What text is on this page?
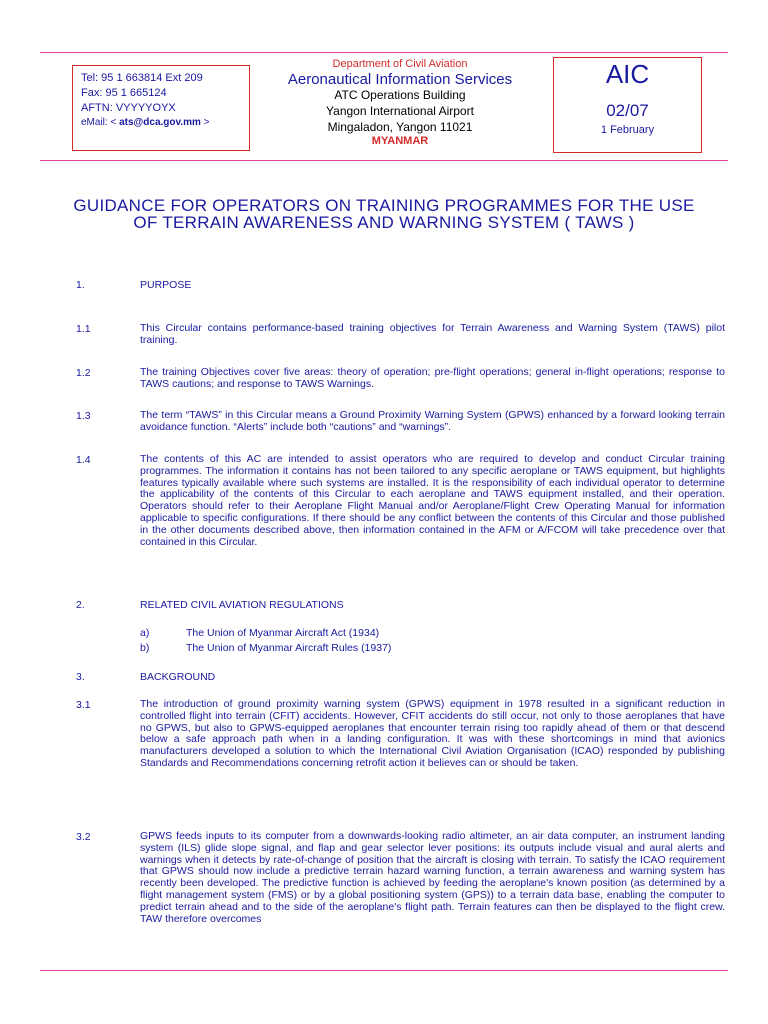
Tel: 95 1 663814 Ext 209
Fax: 95 1 665124
AFTN: VYYYYOYX
eMail: < ats@dca.gov.mm >
Department of Civil Aviation
Aeronautical Information Services
ATC Operations Building
Yangon International Airport
Mingaladon, Yangon 11021
MYANMAR
AIC
02/07
1 February
GUIDANCE FOR OPERATORS ON TRAINING PROGRAMMES FOR THE USE
OF TERRAIN AWARENESS AND WARNING SYSTEM ( TAWS )
1.	PURPOSE
1.1	This Circular contains performance-based training objectives for Terrain Awareness and Warning System (TAWS) pilot training.
1.2	The training Objectives cover five areas: theory of operation; pre-flight operations; general in-flight operations; response to TAWS cautions; and response to TAWS Warnings.
1.3	The term “TAWS” in this Circular means a Ground Proximity Warning System (GPWS) enhanced by a forward looking terrain avoidance function. “Alerts” include both “cautions” and “warnings”.
1.4	The contents of this AC are intended to assist operators who are required to develop and conduct Circular training programmes. The information it contains has not been tailored to any specific aeroplane or TAWS equipment, but highlights features typically available where such systems are installed. It is the responsibility of each individual operator to determine the applicability of the contents of this Circular to each aeroplane and TAWS equipment installed, and their operation. Operators should refer to their Aeroplane Flight Manual and/or Aeroplane/Flight Crew Operating Manual for information applicable to specific configurations. If there should be any conflict between the contents of this Circular and those published in the other documents described above, then information contained in the AFM or A/FCOM will take precedence over that contained in this Circular.
2.	RELATED CIVIL AVIATION REGULATIONS
a)	The Union of Myanmar Aircraft Act (1934)
b)	The Union of Myanmar Aircraft Rules (1937)
3.	BACKGROUND
3.1	The introduction of ground proximity warning system (GPWS) equipment in 1978 resulted in a significant reduction in controlled flight into terrain (CFIT) accidents. However, CFIT accidents do still occur, not only to those aeroplanes that have no GPWS, but also to GPWS-equipped aeroplanes that encounter terrain rising too rapidly ahead of them or that descend below a safe approach path when in a landing configuration. It was with these shortcomings in mind that avionics manufacturers developed a solution to which the International Civil Aviation Organisation (ICAO) responded by publishing Standards and Recommendations concerning retrofit action it believes can or should be taken.
3.2	GPWS feeds inputs to its computer from a downwards-looking radio altimeter, an air data computer, an instrument landing system (ILS) glide slope signal, and flap and gear selector lever positions: its outputs include visual and aural alerts and warnings when it detects by rate-of-change of position that the aircraft is closing with terrain. To satisfy the ICAO requirement that GPWS should now include a predictive terrain hazard warning function, a terrain awareness and warning system has recently been developed. The predictive function is achieved by feeding the aeroplane's known position (as determined by a flight management system (FMS) or by a global positioning system (GPS)) to a terrain data base, enabling the computer to predict terrain ahead and to the side of the aeroplane's flight path. Terrain features can then be displayed to the flight crew. TAW therefore overcomes
